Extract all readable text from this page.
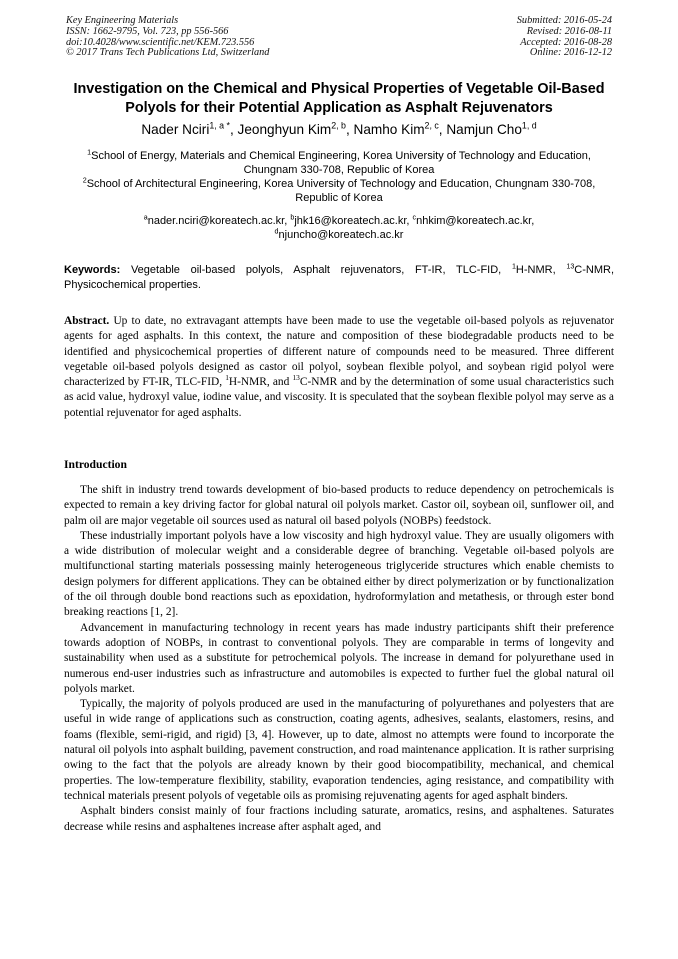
Key Engineering Materials
ISSN: 1662-9795, Vol. 723, pp 556-566
doi:10.4028/www.scientific.net/KEM.723.556
© 2017 Trans Tech Publications Ltd, Switzerland
Submitted: 2016-05-24
Revised: 2016-08-11
Accepted: 2016-08-28
Online: 2016-12-12
Investigation on the Chemical and Physical Properties of Vegetable Oil-Based Polyols for their Potential Application as Asphalt Rejuvenators
Nader Nciri$^{1, a *}$, Jeonghyun Kim$^{2, b}$, Namho Kim$^{2, c}$, Namjun Cho$^{1, d}$

$^1$School of Energy, Materials and Chemical Engineering, Korea University of Technology and Education, Chungnam 330-708, Republic of Korea

$^2$School of Architectural Engineering, Korea University of Technology and Education, Chungnam 330-708, Republic of Korea

$^a$nader.nciri@koreatech.ac.kr, $^b$jhk16@koreatech.ac.kr, $^c$nhkim@koreatech.ac.kr,
$^d$njuncho@koreatech.ac.kr
Keywords: Vegetable oil-based polyols, Asphalt rejuvenators, FT-IR, TLC-FID, $^1$H-NMR, $^{13}$C-NMR, Physicochemical properties.
Abstract. Up to date, no extravagant attempts have been made to use the vegetable oil-based polyols as rejuvenator agents for aged asphalts. In this context, the nature and composition of these biodegradable products need to be identified and physicochemical properties of different nature of compounds need to be measured. Three different vegetable oil-based polyols designed as castor oil polyol, soybean flexible polyol, and soybean rigid polyol were characterized by FT-IR, TLC-FID, $^1$H-NMR, and $^{13}$C-NMR and by the determination of some usual characteristics such as acid value, hydroxyl value, iodine value, and viscosity. It is speculated that the soybean flexible polyol may serve as a potential rejuvenator for aged asphalts.
Introduction

The shift in industry trend towards development of bio-based products to reduce dependency on petrochemicals is expected to remain a key driving factor for global natural oil polyols market. Castor oil, soybean oil, sunflower oil, and palm oil are major vegetable oil sources used as natural oil based polyols (NOBPs) feedstock.

These industrially important polyols have a low viscosity and high hydroxyl value. They are usually oligomers with a wide distribution of molecular weight and a considerable degree of branching. Vegetable oil-based polyols are multifunctional starting materials possessing mainly heterogeneous triglyceride structures which enable chemists to design polymers for different applications. They can be obtained either by direct polymerization or by functionalization of the oil through double bond reactions such as epoxidation, hydroformylation and metathesis, or through ester bond breaking reactions [1, 2].

Advancement in manufacturing technology in recent years has made industry participants shift their preference towards adoption of NOBPs, in contrast to conventional polyols. They are comparable in terms of longevity and sustainability when used as a substitute for petrochemical polyols. The increase in demand for polyurethane used in numerous end-user industries such as infrastructure and automobiles is expected to further fuel the global natural oil polyols market.

Typically, the majority of polyols produced are used in the manufacturing of polyurethanes and polyesters that are useful in wide range of applications such as construction, coating agents, adhesives, sealants, elastomers, resins, and foams (flexible, semi-rigid, and rigid) [3, 4]. However, up to date, almost no attempts were found to incorporate the natural oil polyols into asphalt building, pavement construction, and road maintenance application. It is rather surprising owing to the fact that the polyols are already known by their good biocompatibility, mechanical, and chemical properties. The low-temperature flexibility, stability, evaporation tendencies, aging resistance, and compatibility with technical materials present polyols of vegetable oils as promising rejuvenating agents for aged asphalt binders.

Asphalt binders consist mainly of four fractions including saturate, aromatics, resins, and asphaltenes. Saturates decrease while resins and asphaltenes increase after asphalt aged, and
